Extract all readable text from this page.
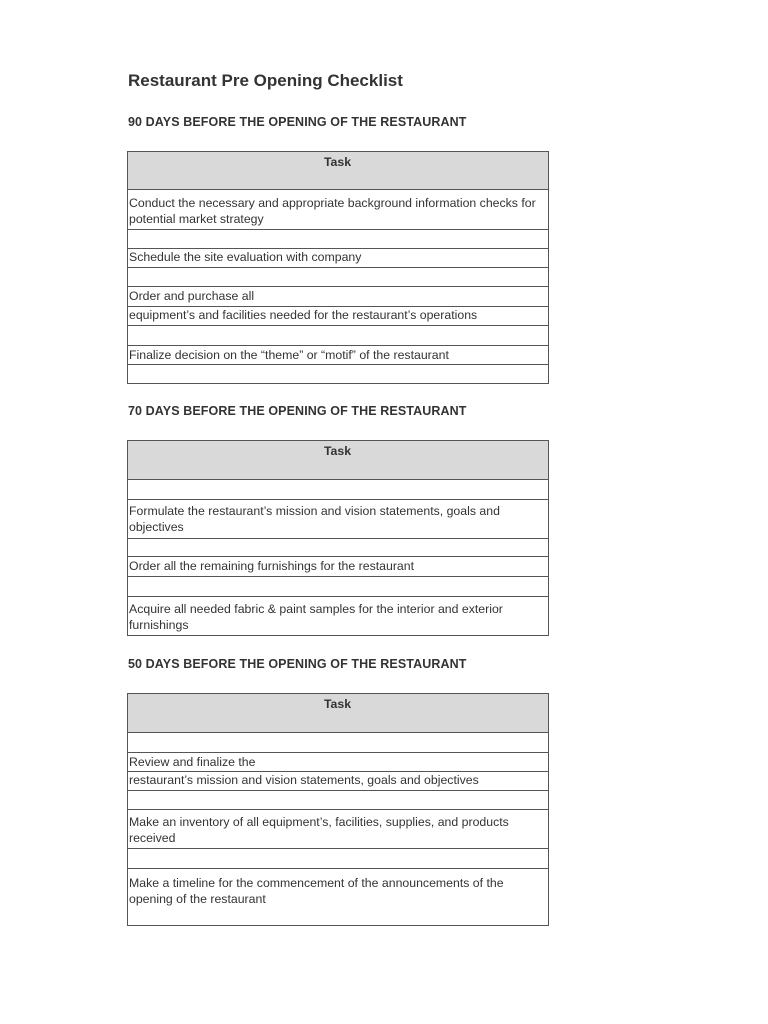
Restaurant Pre Opening Checklist
90 DAYS BEFORE THE OPENING OF THE RESTAURANT
Task
Conduct the necessary and appropriate background information checks for potential market strategy
Schedule the site evaluation with company
Order and purchase all
equipment’s and facilities needed for the restaurant’s operations
Finalize decision on the “theme” or “motif” of the restaurant
70 DAYS BEFORE THE OPENING OF THE RESTAURANT
Task
Formulate the restaurant’s mission and vision statements, goals and objectives
Order all the remaining furnishings for the restaurant
Acquire all needed fabric & paint samples for the interior and exterior furnishings
50 DAYS BEFORE THE OPENING OF THE RESTAURANT
Task
Review and finalize the
restaurant’s mission and vision statements, goals and objectives
Make an inventory of all equipment’s, facilities, supplies, and products received
Make a timeline for the commencement of the announcements of the opening of the restaurant
